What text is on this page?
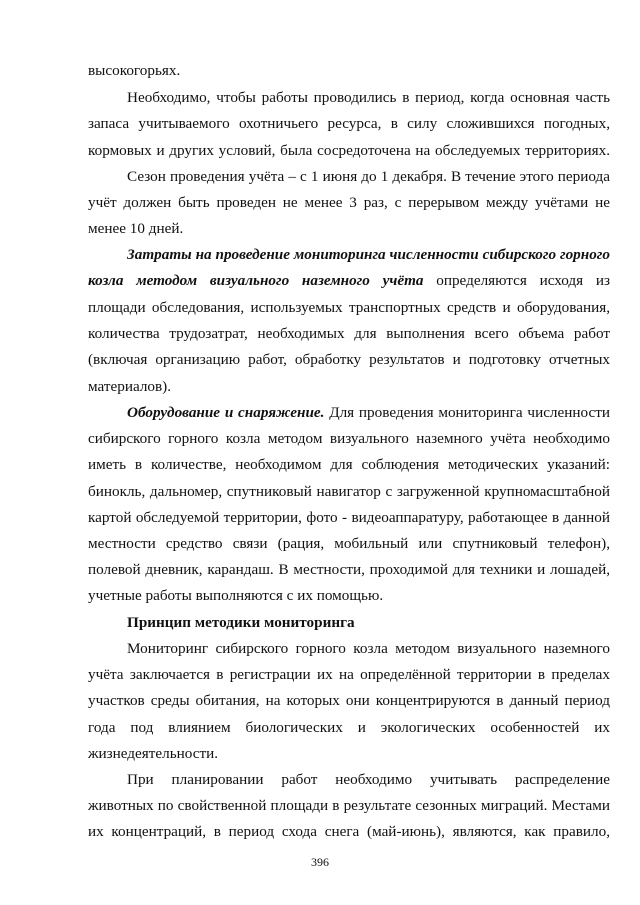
высокогорьях.
Необходимо, чтобы работы проводились в период, когда основная часть
запаса учитываемого охотничьего ресурса, в силу сложившихся погодных,
кормовых и других условий, была сосредоточена на обследуемых территориях.
Сезон проведения учёта – с 1 июня до 1 декабря. В течение этого периода
учёт должен быть проведен не менее 3 раз, с перерывом между учётами не
менее 10 дней.
Затраты на проведение мониторинга численности сибирского горного
козла методом визуального наземного учёта определяются исходя из
площади обследования, используемых транспортных средств и оборудования,
количества трудозатрат, необходимых для выполнения всего объема работ
(включая организацию работ, обработку результатов и подготовку отчетных
материалов).
Оборудование и снаряжение. Для проведения мониторинга численности
сибирского горного козла методом визуального наземного учёта необходимо
иметь в количестве, необходимом для соблюдения методических указаний:
бинокль, дальномер, спутниковый навигатор с загруженной крупномасштабной
картой обследуемой территории, фото - видеоаппаратуру, работающее в данной
местности средство связи (рация, мобильный или спутниковый телефон),
полевой дневник, карандаш. В местности, проходимой для техники и лошадей,
учетные работы выполняются с их помощью.
Принцип методики мониторинга
Мониторинг сибирского горного козла методом визуального наземного
учёта заключается в регистрации их на определённой территории в пределах
участков среды обитания, на которых они концентрируются в данный период
года под влиянием биологических и экологических особенностей их
жизнедеятельности.
При планировании работ необходимо учитывать распределение
животных по свойственной площади в результате сезонных миграций. Местами
их концентраций, в период схода снега (май-июнь), являются, как правило,
396
